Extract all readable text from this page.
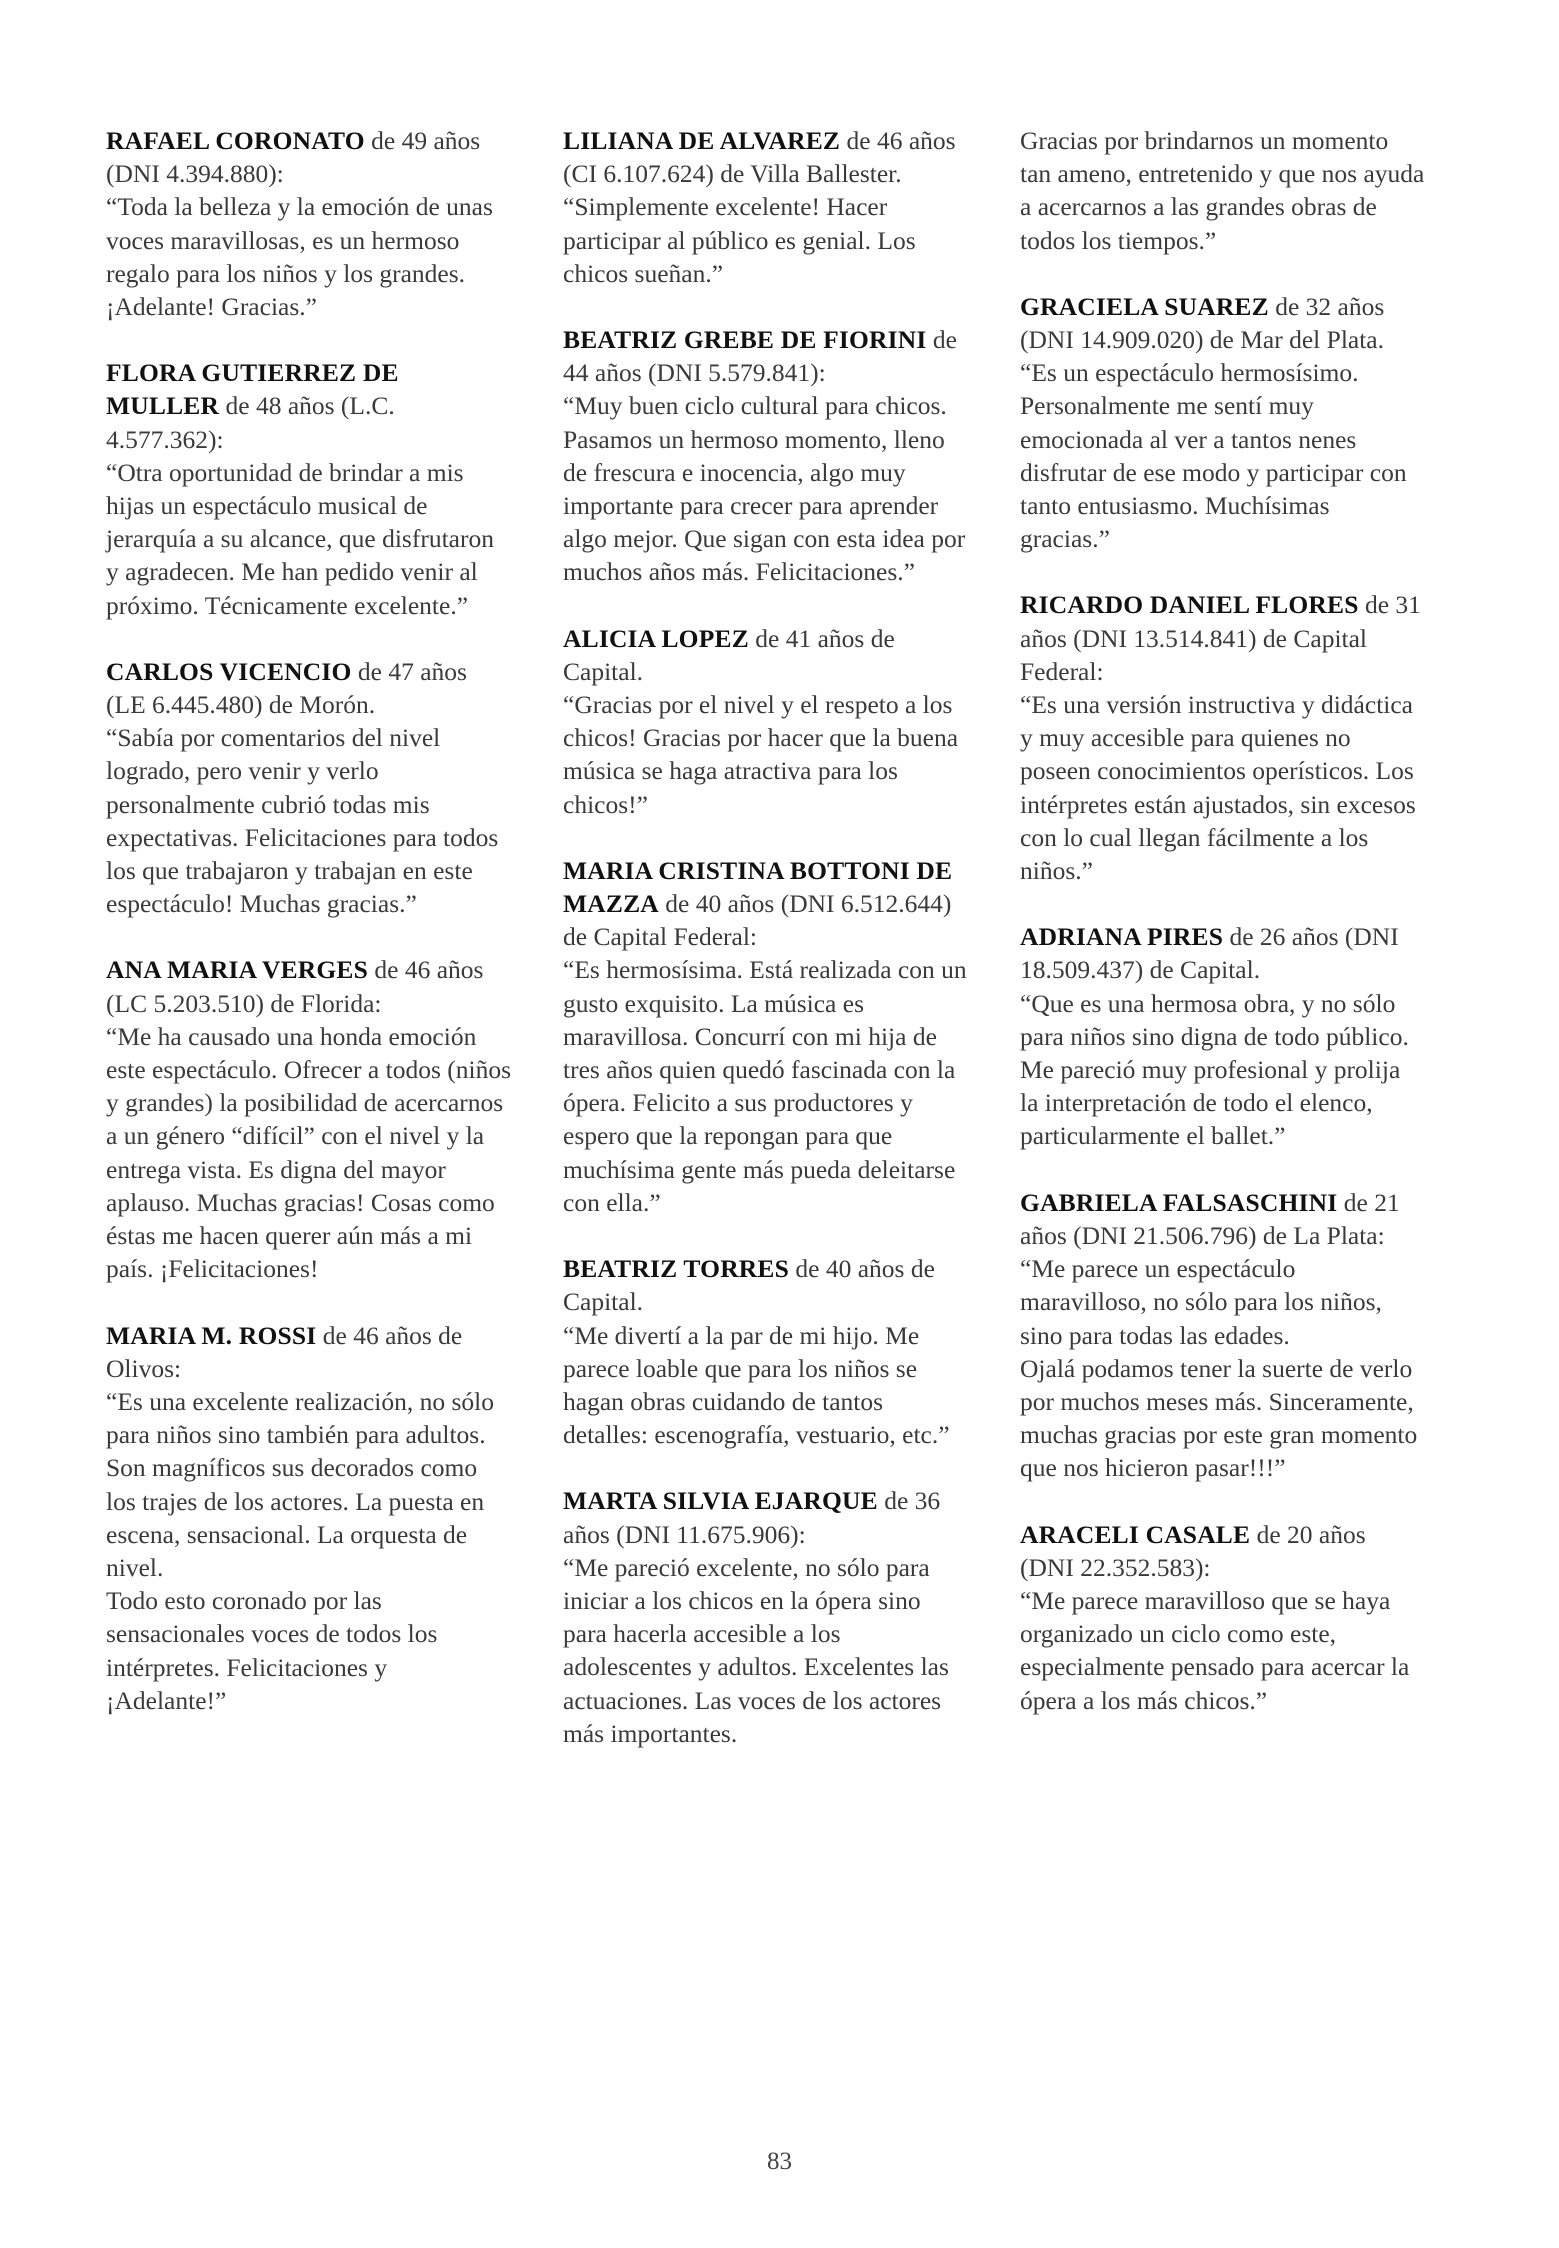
RAFAEL CORONATO de 49 años (DNI 4.394.880):
“Toda la belleza y la emoción de unas voces maravillosas, es un hermoso regalo para los niños y los grandes. ¡Adelante! Gracias.”
FLORA GUTIERREZ DE MULLER de 48 años (L.C. 4.577.362):
“Otra oportunidad de brindar a mis hijas un espectáculo musical de jerarquía a su alcance, que disfrutaron y agradecen. Me han pedido venir al próximo. Técnicamente excelente.”
CARLOS VICENCIO de 47 años (LE 6.445.480) de Morón.
“Sabía por comentarios del nivel logrado, pero venir y verlo personalmente cubrió todas mis expectativas. Felicitaciones para todos los que trabajaron y trabajan en este espectáculo! Muchas gracias.”
ANA MARIA VERGES de 46 años (LC 5.203.510) de Florida:
“Me ha causado una honda emoción este espectáculo. Ofrecer a todos (niños y grandes) la posibilidad de acercarnos a un género “difícil” con el nivel y la entrega vista. Es digna del mayor aplauso. Muchas gracias! Cosas como éstas me hacen querer aún más a mi país. ¡Felicitaciones!
MARIA M. ROSSI de 46 años de Olivos:
“Es una excelente realización, no sólo para niños sino también para adultos. Son magníficos sus decorados como los trajes de los actores. La puesta en escena, sensacional. La orquesta de nivel.
Todo esto coronado por las sensacionales voces de todos los intérpretes. Felicitaciones y ¡Adelante!”
LILIANA DE ALVAREZ de 46 años (CI 6.107.624) de Villa Ballester.
“Simplemente excelente! Hacer participar al público es genial. Los chicos sueñan.”
BEATRIZ GREBE DE FIORINI de 44 años (DNI 5.579.841):
“Muy buen ciclo cultural para chicos. Pasamos un hermoso momento, lleno de frescura e inocencia, algo muy importante para crecer para aprender algo mejor. Que sigan con esta idea por muchos años más. Felicitaciones.”
ALICIA LOPEZ de 41 años de Capital.
“Gracias por el nivel y el respeto a los chicos! Gracias por hacer que la buena música se haga atractiva para los chicos!”
MARIA CRISTINA BOTTONI DE MAZZA de 40 años (DNI 6.512.644) de Capital Federal:
“Es hermosísima. Está realizada con un gusto exquisito. La música es maravillosa. Concurrí con mi hija de tres años quien quedó fascinada con la ópera. Felicito a sus productores y espero que la repongan para que muchísima gente más pueda deleitarse con ella.”
BEATRIZ TORRES de 40 años de Capital.
“Me divertí a la par de mi hijo. Me parece loable que para los niños se hagan obras cuidando de tantos detalles: escenografía, vestuario, etc.”
MARTA SILVIA EJARQUE de 36 años (DNI 11.675.906):
“Me pareció excelente, no sólo para iniciar a los chicos en la ópera sino para hacerla accesible a los adolescentes y adultos. Excelentes las actuaciones. Las voces de los actores más importantes.
Gracias por brindarnos un momento tan ameno, entretenido y que nos ayuda a acercarnos a las grandes obras de todos los tiempos.”
GRACIELA SUAREZ de 32 años (DNI 14.909.020) de Mar del Plata.
“Es un espectáculo hermosísimo. Personalmente me sentí muy emocionada al ver a tantos nenes disfrutar de ese modo y participar con tanto entusiasmo. Muchísimas gracias.”
RICARDO DANIEL FLORES de 31 años (DNI 13.514.841) de Capital Federal:
“Es una versión instructiva y didáctica y muy accesible para quienes no poseen conocimientos operísticos. Los intérpretes están ajustados, sin excesos con lo cual llegan fácilmente a los niños.”
ADRIANA PIRES de 26 años (DNI 18.509.437) de Capital.
“Que es una hermosa obra, y no sólo para niños sino digna de todo público. Me pareció muy profesional y prolija la interpretación de todo el elenco, particularmente el ballet.”
GABRIELA FALSASCHINI de 21 años (DNI 21.506.796) de La Plata:
“Me parece un espectáculo maravilloso, no sólo para los niños, sino para todas las edades.
Ojalá podamos tener la suerte de verlo por muchos meses más. Sinceramente, muchas gracias por este gran momento que nos hicieron pasar!!!”
ARACELI CASALE de 20 años (DNI 22.352.583):
“Me parece maravilloso que se haya organizado un ciclo como este, especialmente pensado para acercar la ópera a los más chicos.”
83
